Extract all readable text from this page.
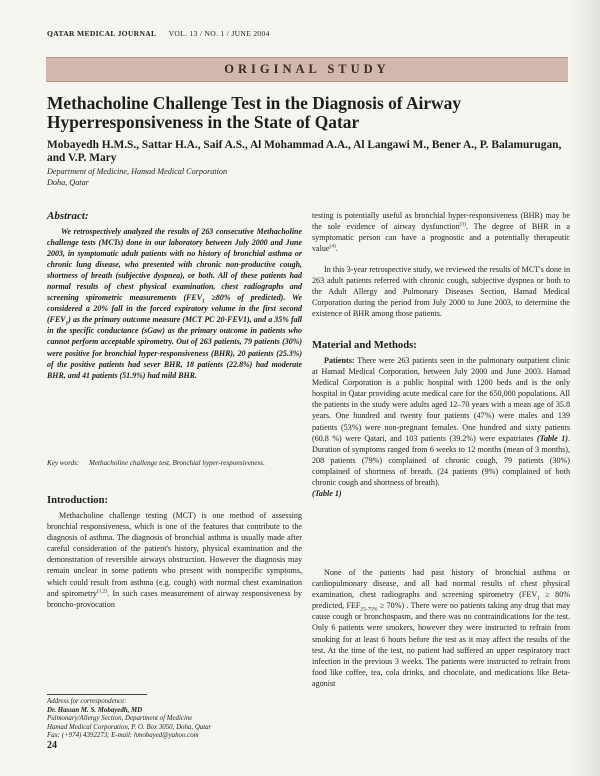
QATAR MEDICAL JOURNAL VOL. 13 / NO. 1 / JUNE 2004
ORIGINAL STUDY
Methacholine Challenge Test in the Diagnosis of Airway Hyperresponsiveness in the State of Qatar
Mobayedh H.M.S., Sattar H.A., Saif A.S., Al Mohammad A.A., Al Langawi M., Bener A., P. Balamurugan, and V.P. Mary
Department of Medicine, Hamad Medical Corporation
Doha, Qatar
Abstract:

We retrospectively analyzed the results of 263 consecutive Methacholine challenge tests (MCTs) done in our laboratory between July 2000 and June 2003, in symptomatic adult patients with no history of bronchial asthma or chronic lung disease, who presented with chronic non-productive cough, shortness of breath (subjective dyspnea), or both. All of these patients had normal results of chest physical examination, chest radiographs and screening spirometric measurements ($FEV_1 \ge 80\%$ of predicted). We considered a 20% fall in the forced expiratory volume in the first second $(FEV_1)$ as the primary outcome measure (MCT PC 20-FEV1), and a 35% fall in the specific conductance (sGaw) as the primary outcome in patients who cannot perform acceptable spirometry. Out of 263 patients, 79 patients (30%) were positive for bronchial hyper-responsiveness (BHR), 20 patients (25.3%) of the positive patients had sever BHR, 18 patients (22.8%) had moderate BHR, and 41 patients (51.9%) had mild BHR.

Key words: Methacholine challenge test, Bronchial hyper-responsiveness.
Introduction:

Methacholine challenge testing (MCT) is one method of assessing bronchial responsiveness, which is one of the features that contribute to the diagnosis of asthma. The diagnosis of bronchial asthma is usually made after careful consideration of the patient's history, physical examination and the demonstration of reversible airways obstruction. However the diagnosis may remain unclear in some patients who present with nonspecific symptoms, which could result from asthma (e.g. cough) with normal chest examination and spirometry$^{(1,2)}$. In such cases measurement of airway responsiveness by broncho-provocation

Address for correspondence:
Dr. Hassan M. S. Mobayedh, MD
Pulmonary/Allergy Section, Department of Medicine
Hamad Medical Corporation, P. O. Box 3050, Doha, Qatar
Fax: (+974) 4392273; E-mail: hmobayed@yahoo.com
24

testing is potentially useful as bronchial hyper-responsiveness (BHR) may be the sole evidence of airway dysfunction$^{(3)}$. The degree of BHR in a symptomatic person can have a prognostic and a potentially therapeutic value$^{(4)}$.

In this 3-year retrospective study, we reviewed the results of MCT's done in 263 adult patients referred with chronic cough, subjective dyspnea or both to the Adult Allergy and Pulmonary Diseases Section, Hamad Medical Corporation during the period from July 2000 to June 2003, to determine the existence of BHR among those patients.

Material and Methods:

Patients: There were 263 patients seen in the pulmonary outpatient clinic at Hamad Medical Corporation, between July 2000 and June 2003. Hamad Medical Corporation is a public hospital with 1200 beds and is the only hospital in Qatar providing acute medical care for the 650,000 populations. All the patients in the study were adults aged 12–70 years with a mean age of 35.8 years. One hundred and twenty four patients (47%) were males and 139 patients (53%) were non-pregnant females. One hundred and sixty patients (60.8 %) were Qatari, and 103 patients (39.2%) were expatriates (Table 1). Duration of symptoms ranged from 6 weeks to 12 months (mean of 3 months), 208 patients (79%) complained of chronic cough, 79 patients (30%) complained of shortness of breath. (24 patients (9%) complained of both chronic cough and shortness of breath).
(Table 1)

None of the patients had past history of bronchial asthma or cardiopulmonary disease, and all had normal results of chest physical examination, chest radiographs and screening spirometry ($FEV_1 \ge 80\%$ predicted, $FEF_{25-75\%} \ge 70\%$) . There were no patients taking any drug that may cause cough or bronchospasm, and there was no contraindications for the test. Only 6 patients were smokers, however they were instructed to refrain from smoking for at least 6 hours before the test as it may affect the results of the test. At the time of the test, no patient had suffered an upper respiratory tract infection in the previous 3 weeks. The patients were instructed to refrain from food like coffee, tea, cola drinks, and chocolate, and medications like Beta-agonist
